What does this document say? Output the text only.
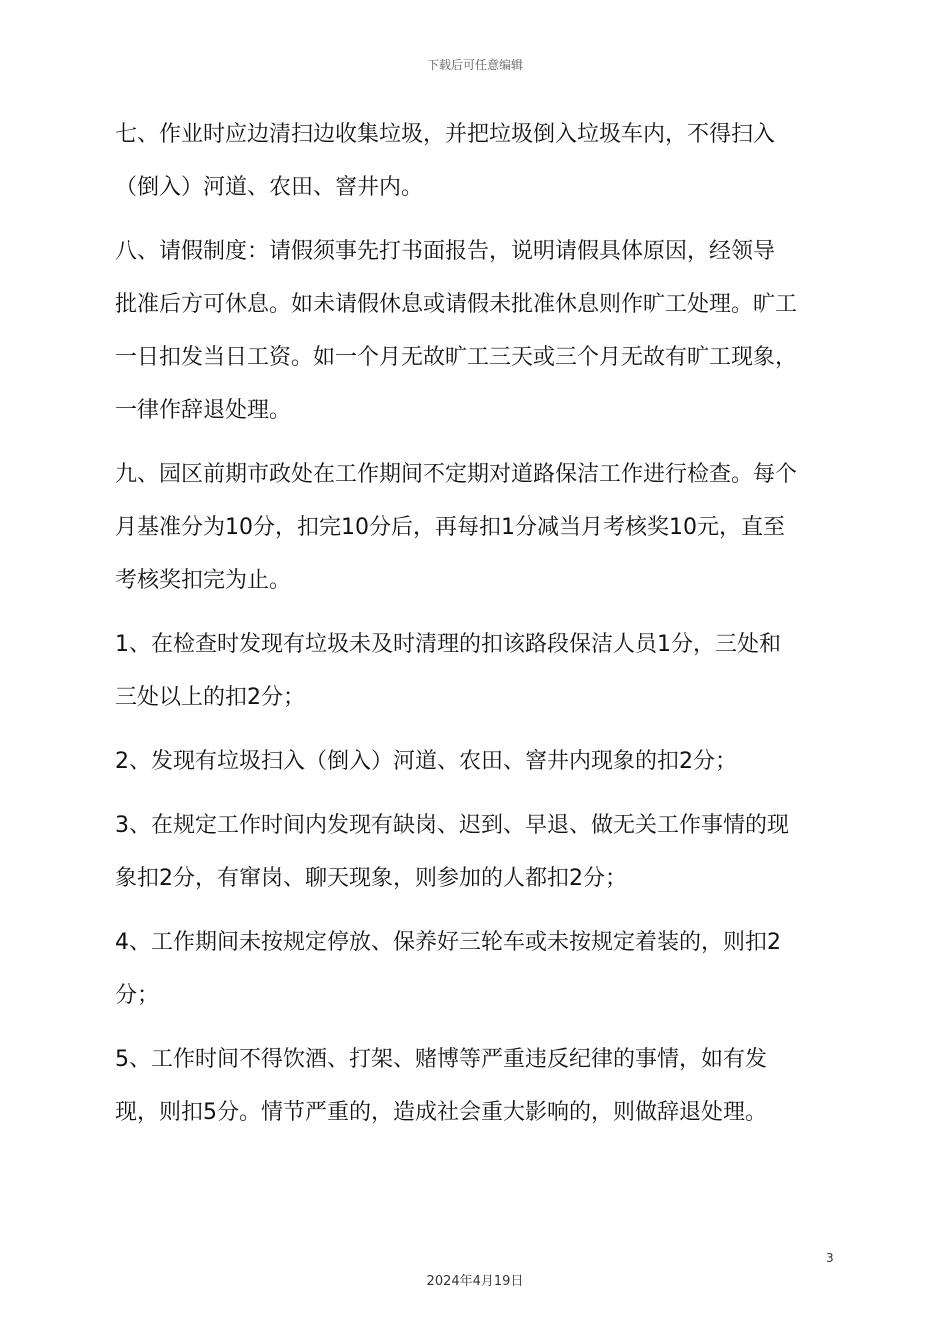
下载后可任意编辑

七、作业时应边清扫边收集垃圾，并把垃圾倒入垃圾车内，不得扫入
（倒入）河道、农田、窨井内。

八、请假制度：请假须事先打书面报告，说明请假具体原因，经领导
批准后方可休息。如未请假休息或请假未批准休息则作旷工处理。旷工
一日扣发当日工资。如一个月无故旷工三天或三个月无故有旷工现象，
一律作辞退处理。

九、园区前期市政处在工作期间不定期对道路保洁工作进行检查。每个
月基准分为10分，扣完10分后，再每扣1分减当月考核奖10元，直至
考核奖扣完为止。

1、在检查时发现有垃圾未及时清理的扣该路段保洁人员1分，三处和
三处以上的扣2分；

2、发现有垃圾扫入（倒入）河道、农田、窨井内现象的扣2分；

3、在规定工作时间内发现有缺岗、迟到、早退、做无关工作事情的现
象扣2分，有窜岗、聊天现象，则参加的人都扣2分；

4、工作期间未按规定停放、保养好三轮车或未按规定着装的，则扣2
分；

5、工作时间不得饮酒、打架、赌博等严重违反纪律的事情，如有发
现，则扣5分。情节严重的，造成社会重大影响的，则做辞退处理。

3
2024年4月19日
